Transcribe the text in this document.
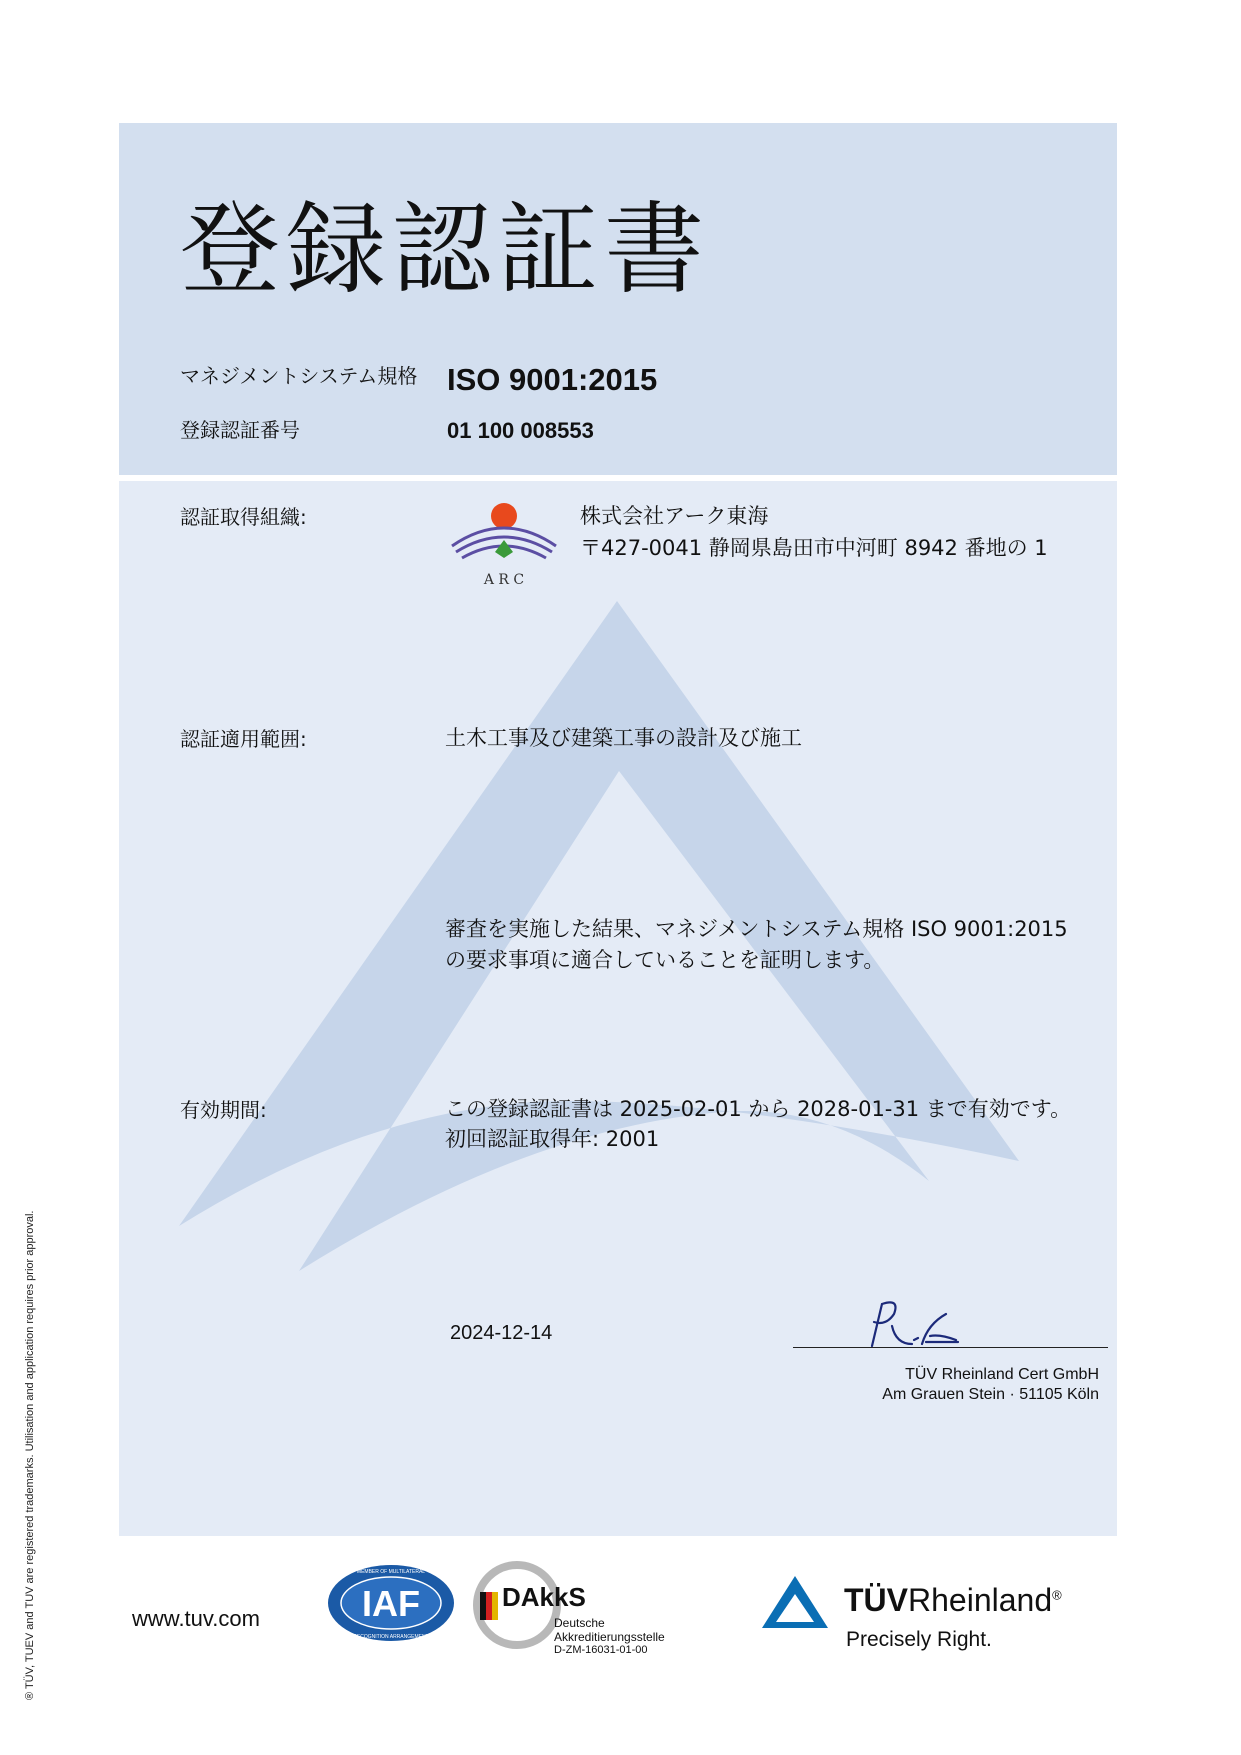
登録認証書
マネジメントシステム規格 ISO 9001:2015
登録認証番号	01 100 008553
認証取得組織:
A R C
株式会社アーク東海
〒427-0041 静岡県島田市中河町 8942 番地の 1
認証適用範囲:	土木工事及び建築工事の設計及び施工
審査を実施した結果、マネジメントシステム規格 ISO 9001:2015
の要求事項に適合していることを証明します。
有効期間:	この登録認証書は 2025-02-01 から 2028-01-31 まで有効です。
初回認証取得年: 2001
2024-12-14
TÜV Rheinland Cert GmbH
Am Grauen Stein · 51105 Köln
® TÜV, TUEV and TUV are registered trademarks. Utilisation and application requires prior approval.	www.tuv.com	IAF
MEMBER OF MULTILATERAL
RECOGNITION ARRANGEMENT
DAkkS
Deutsche
Akkreditierungsstelle
D-ZM-16031-01-00
TÜVRheinland®
Precisely Right.
